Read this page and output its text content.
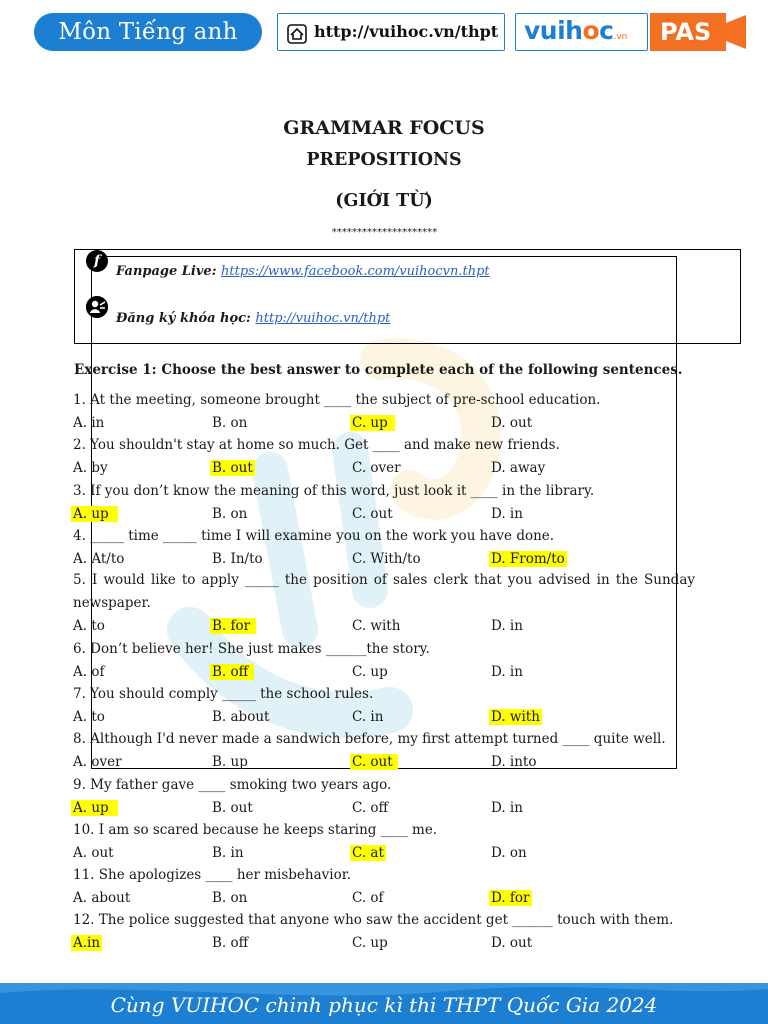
Môn Tiếng anh	http://vuihoc.vn/thpt	vuihoc.vn	PAS
GRAMMAR FOCUS
PREPOSITIONS
(GIỚI TỪ)
*********************
f
Fanpage Live: https://www.facebook.com/vuihocvn.thpt
Đăng ký khóa học: http://vuihoc.vn/thpt
Exercise 1: Choose the best answer to complete each of the following sentences.
1. At the meeting, someone brought ____ the subject of pre-school education.
A. in	B. on	C. up	D. out
2. You shouldn't stay at home so much. Get ____ and make new friends.
A. by	B. out	C. over	D. away
3. If you don’t know the meaning of this word, just look it ____ in the library.
A. up	B. on	C. out	D. in
4. _____ time _____ time I will examine you on the work you have done.
A. At/to	B. In/to	C. With/to	D. From/to
5. I would like to apply _____ the position of sales clerk that you advised in the Sunday newspaper.
A. to	B. for	C. with	D. in
6. Don’t believe her! She just makes ______the story.
A. of	B. off	C. up	D. in
7. You should comply _____ the school rules.
A. to	B. about	C. in	D. with
8. Although I'd never made a sandwich before, my first attempt turned ____ quite well.
A. over	B. up	C. out	D. into
9. My father gave ____ smoking two years ago.
A. up	B. out	C. off	D. in
10. I am so scared because he keeps staring ____ me.
A. out	B. in	C. at	D. on
11. She apologizes ____ her misbehavior.
A. about	B. on	C. of	D. for
12. The police suggested that anyone who saw the accident get ______ touch with them.
A.in	B. off	C. up	D. out
Cùng VUIHOC chinh phục kì thi THPT Quốc Gia 2024
